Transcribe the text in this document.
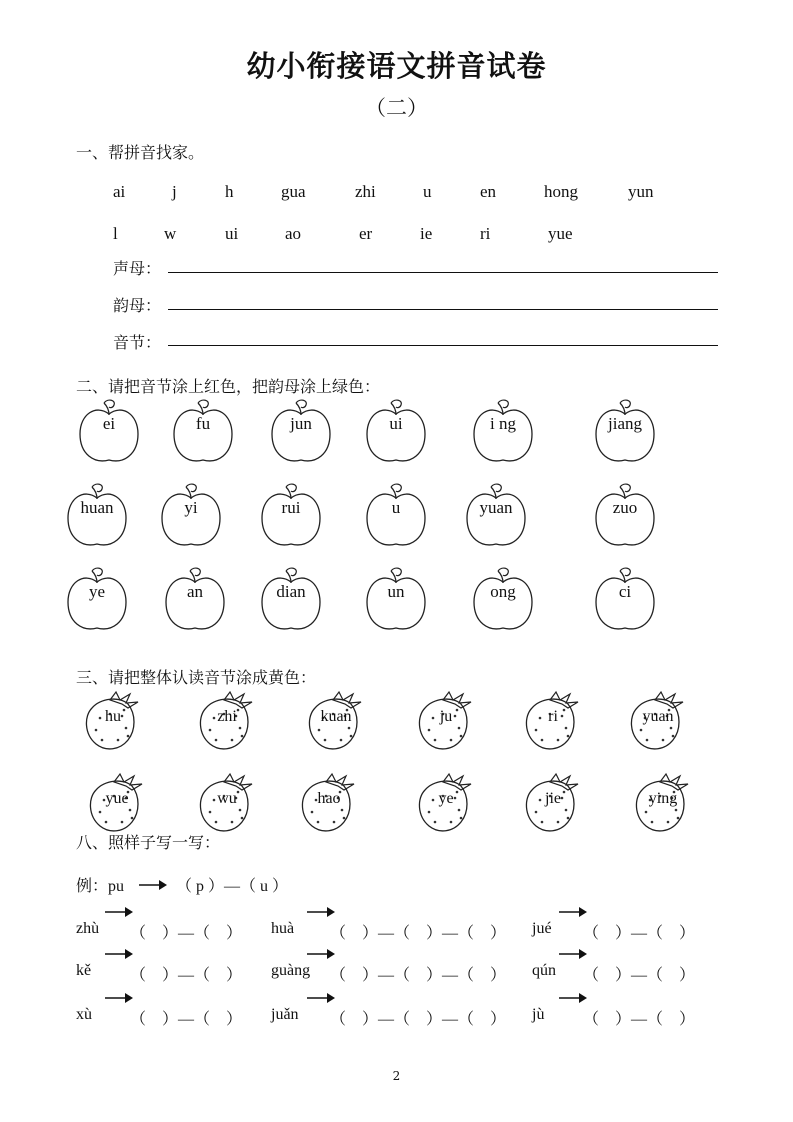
幼小衔接语文拼音试卷
（二）
一、帮拼音找家。
ai	j	h	gua	zhi	u	en	hong	yun
l	w	ui	ao	er	ie	ri	yue
声母：
韵母：
音节：
二、请把音节涂上红色，把韵母涂上绿色：
ei	fu	jun	ui	i ng	jiang
huan	yi	rui	u	yuan	zuo
ye	an	dian	un	ong	ci
三、请把整体认读音节涂成黄色：
hu	zhi	kuan	ju	ri	yuan
yue	wu	hao	ye	jie	ying
八、照样子写一写：
例：pu	（ p ）—（ u ）
zhù （    ）—（    ） huà （    ）—（    ）—（    ） jué （    ）—（    ）
kě （    ）—（    ） guàng （    ）—（    ）—（    ） qún （    ）—（    ）
xù （    ）—（    ） juǎn （    ）—（    ）—（    ） jù （    ）—（    ）
2
